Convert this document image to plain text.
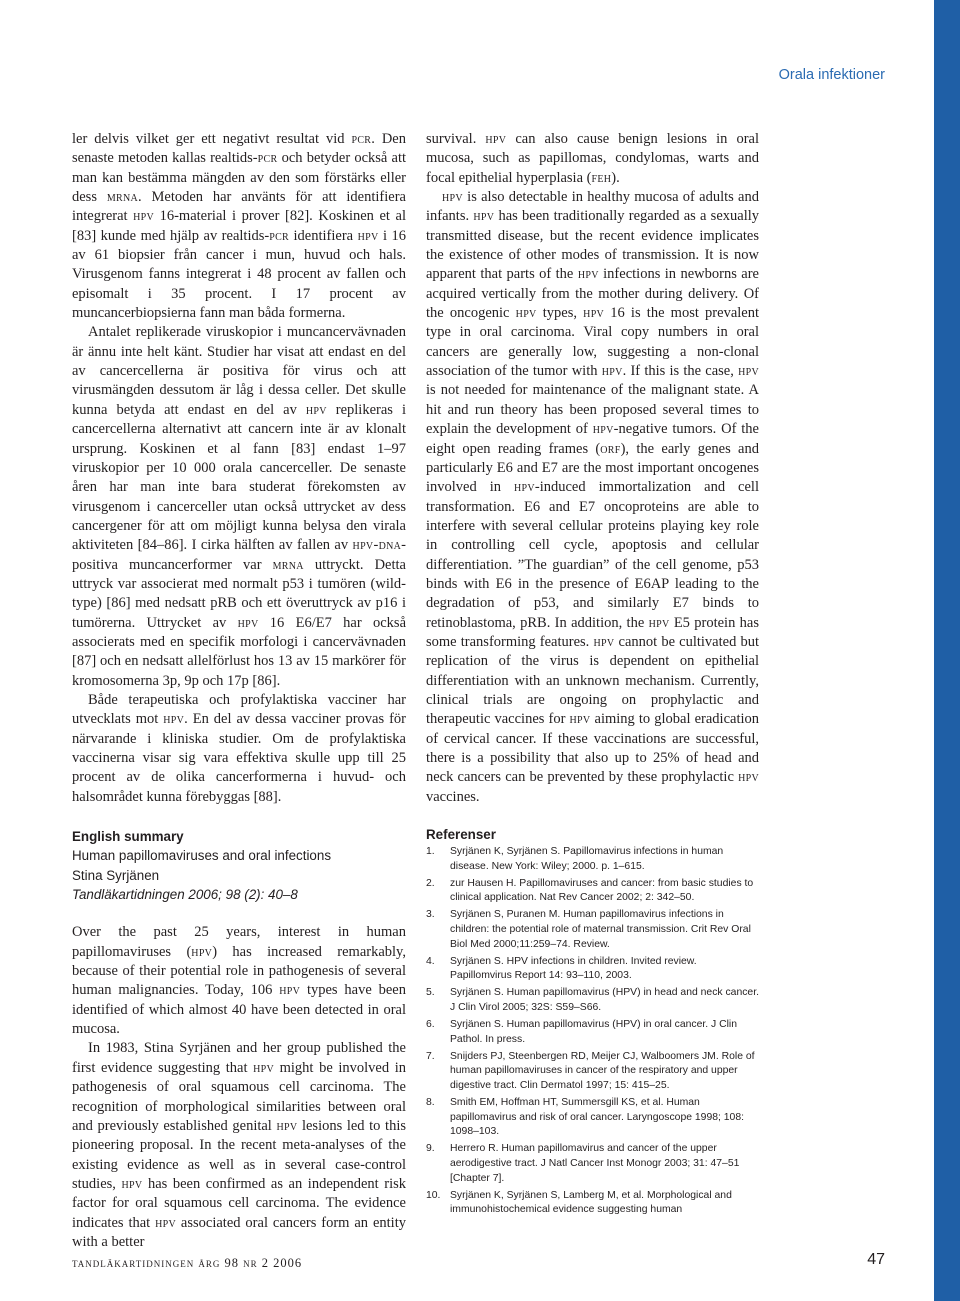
Orala infektioner

ler delvis vilket ger ett negativt resultat vid pcr. Den senaste metoden kallas realtids-pcr och betyder också att man kan bestämma mängden av den som förstärks eller dess mrna. Metoden har använts för att identifiera integrerat hpv 16-material i prover [82]. Koskinen et al [83] kunde med hjälp av realtids-pcr identifiera hpv i 16 av 61 biopsier från cancer i mun, huvud och hals. Virusgenom fanns integrerat i 48 procent av fallen och episomalt i 35 procent. I 17 procent av muncancerbiopsierna fann man båda formerna.

Antalet replikerade viruskopior i muncancervävnaden är ännu inte helt känt. Studier har visat att endast en del av cancercellerna är positiva för virus och att virusmängden dessutom är låg i dessa celler. Det skulle kunna betyda att endast en del av hpv replikeras i cancercellerna alternativt att cancern inte är av klonalt ursprung. Koskinen et al fann [83] endast 1–97 viruskopior per 10 000 orala cancerceller. De senaste åren har man inte bara studerat förekomsten av virusgenom i cancerceller utan också uttrycket av dess cancergener för att om möjligt kunna belysa den virala aktiviteten [84–86]. I cirka hälften av fallen av hpv-dna-positiva muncancerformer var mrna uttryckt. Detta uttryck var associerat med normalt p53 i tumören (wild-type) [86] med nedsatt pRB och ett överuttryck av p16 i tumörerna. Uttrycket av hpv 16 E6/E7 har också associerats med en specifik morfologi i cancervävnaden [87] och en nedsatt allelförlust hos 13 av 15 markörer för kromosomerna 3p, 9p och 17p [86].

Både terapeutiska och profylaktiska vacciner har utvecklats mot hpv. En del av dessa vacciner provas för närvarande i kliniska studier. Om de profylaktiska vaccinerna visar sig vara effektiva skulle upp till 25 procent av de olika cancerformerna i huvud- och halsområdet kunna förebyggas [88].

English summary
Human papillomaviruses and oral infections
Stina Syrjänen
Tandläkartidningen 2006; 98 (2): 40–8

Over the past 25 years, interest in human papillomaviruses (hpv) has increased remarkably, because of their potential role in pathogenesis of several human malignancies. Today, 106 hpv types have been identified of which almost 40 have been detected in oral mucosa.

In 1983, Stina Syrjänen and her group published the first evidence suggesting that hpv might be involved in pathogenesis of oral squamous cell carcinoma. The recognition of morphological similarities between oral and previously established genital hpv lesions led to this pioneering proposal. In the recent meta-analyses of the existing evidence as well as in several case-control studies, hpv has been confirmed as an independent risk factor for oral squamous cell carcinoma. The evidence indicates that hpv associated oral cancers form an entity with a better

survival. hpv can also cause benign lesions in oral mucosa, such as papillomas, condylomas, warts and focal epithelial hyperplasia (feh).

hpv is also detectable in healthy mucosa of adults and infants. hpv has been traditionally regarded as a sexually transmitted disease, but the recent evidence implicates the existence of other modes of transmission. It is now apparent that parts of the hpv infections in newborns are acquired vertically from the mother during delivery. Of the oncogenic hpv types, hpv 16 is the most prevalent type in oral carcinoma. Viral copy numbers in oral cancers are generally low, suggesting a non-clonal association of the tumor with hpv. If this is the case, hpv is not needed for maintenance of the malignant state. A hit and run theory has been proposed several times to explain the development of hpv-negative tumors. Of the eight open reading frames (orf), the early genes and particularly E6 and E7 are the most important oncogenes involved in hpv-induced immortalization and cell transformation. E6 and E7 oncoproteins are able to interfere with several cellular proteins playing key role in controlling cell cycle, apoptosis and cellular differentiation. ”The guardian” of the cell genome, p53 binds with E6 in the presence of E6AP leading to the degradation of p53, and similarly E7 binds to retinoblastoma, pRB. In addition, the hpv E5 protein has some transforming features. hpv cannot be cultivated but replication of the virus is dependent on epithelial differentiation with an unknown mechanism. Currently, clinical trials are ongoing on prophylactic and therapeutic vaccines for hpv aiming to global eradication of cervical cancer. If these vaccinations are successful, there is a possibility that also up to 25% of head and neck cancers can be prevented by these prophylactic hpv vaccines.

Referenser
1. Syrjänen K, Syrjänen S. Papillomavirus infections in human disease. New York: Wiley; 2000. p. 1–615.
2. zur Hausen H. Papillomaviruses and cancer: from basic studies to clinical application. Nat Rev Cancer 2002; 2: 342–50.
3. Syrjänen S, Puranen M. Human papillomavirus infections in children: the potential role of maternal transmission. Crit Rev Oral Biol Med 2000;11:259–74. Review.
4. Syrjänen S. HPV infections in children. Invited review. Papillomvirus Report 14: 93–110, 2003.
5. Syrjänen S. Human papillomavirus (HPV) in head and neck cancer. J Clin Virol 2005; 32S: S59–S66.
6. Syrjänen S. Human papillomavirus (HPV) in oral cancer. J Clin Pathol. In press.
7. Snijders PJ, Steenbergen RD, Meijer CJ, Walboomers JM. Role of human papillomaviruses in cancer of the respiratory and upper digestive tract. Clin Dermatol 1997; 15: 415–25.
8. Smith EM, Hoffman HT, Summersgill KS, et al. Human papillomavirus and risk of oral cancer. Laryngoscope 1998; 108: 1098–103.
9. Herrero R. Human papillomavirus and cancer of the upper aerodigestive tract. J Natl Cancer Inst Monogr 2003; 31: 47–51 [Chapter 7].
10. Syrjänen K, Syrjänen S, Lamberg M, et al. Morphological and immunohistochemical evidence suggesting human
tandläkartidningen årg 98 nr 2 2006	47
